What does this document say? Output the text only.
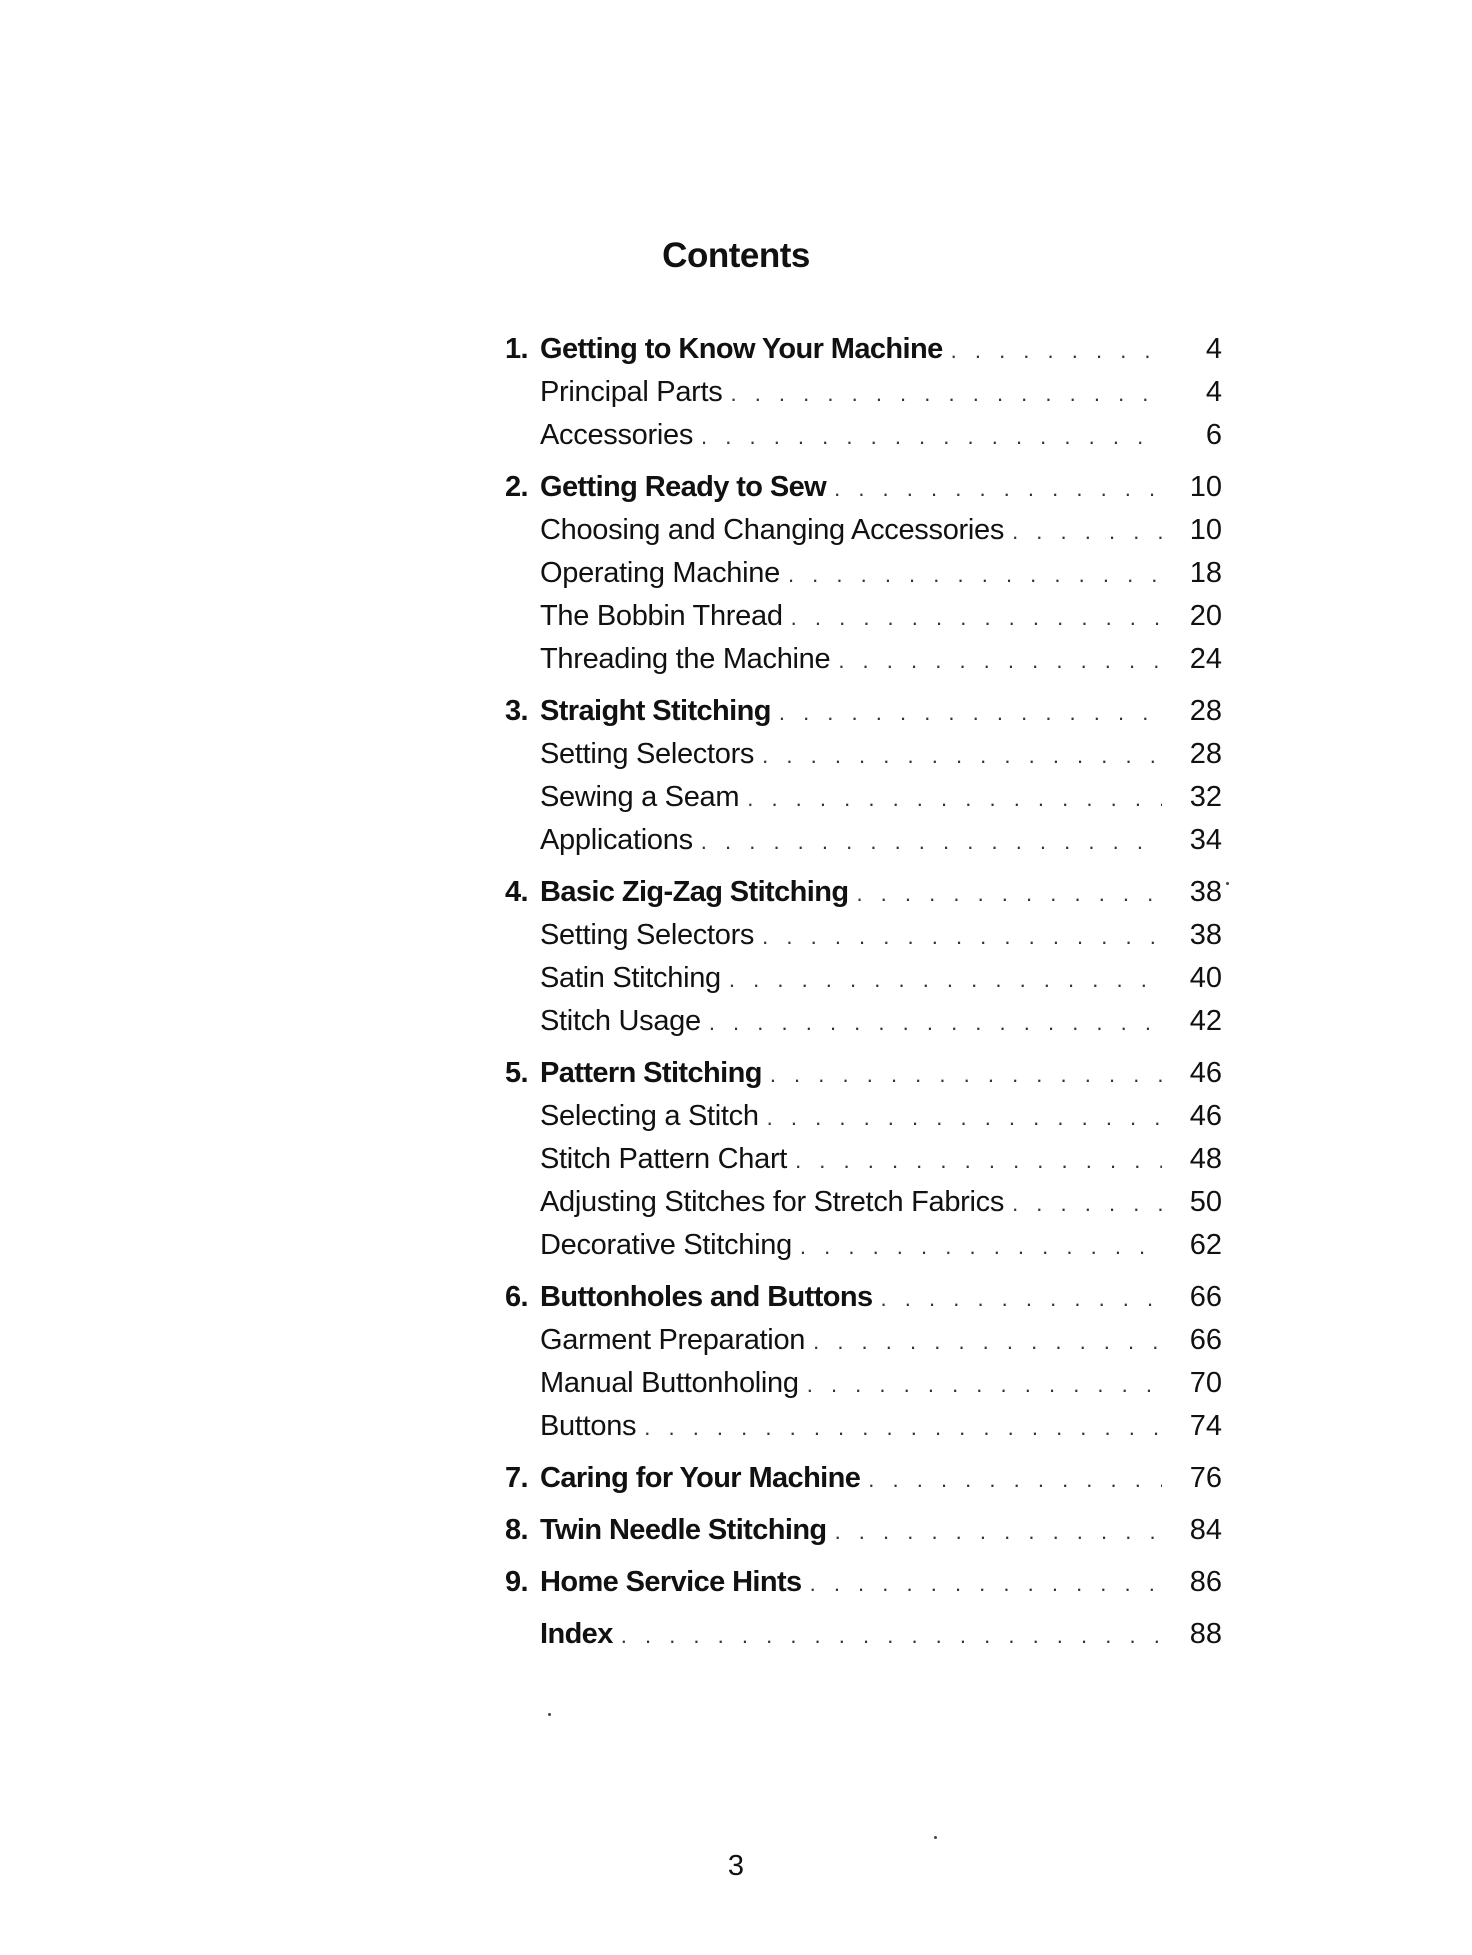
Contents
1. Getting to Know Your Machine . . .	4
Principal Parts . . .	4
Accessories . . .	6
2. Getting Ready to Sew . . .	10
Choosing and Changing Accessories . . .	10
Operating Machine . . .	18
The Bobbin Thread . . .	20
Threading the Machine . . .	24
3. Straight Stitching . . .	28
Setting Selectors . . .	28
Sewing a Seam . . .	32
Applications . . .	34
4. Basic Zig-Zag Stitching . . .	38
Setting Selectors . . .	38
Satin Stitching . . .	40
Stitch Usage . . .	42
5. Pattern Stitching . . .	46
Selecting a Stitch . . .	46
Stitch Pattern Chart . . .	48
Adjusting Stitches for Stretch Fabrics . . .	50
Decorative Stitching . . .	62
6. Buttonholes and Buttons . . .	66
Garment Preparation . . .	66
Manual Buttonholing . . .	70
Buttons . . .	74
7. Caring for Your Machine . . .	76
8. Twin Needle Stitching . . .	84
9. Home Service Hints . . .	86
Index . . .	88
3
